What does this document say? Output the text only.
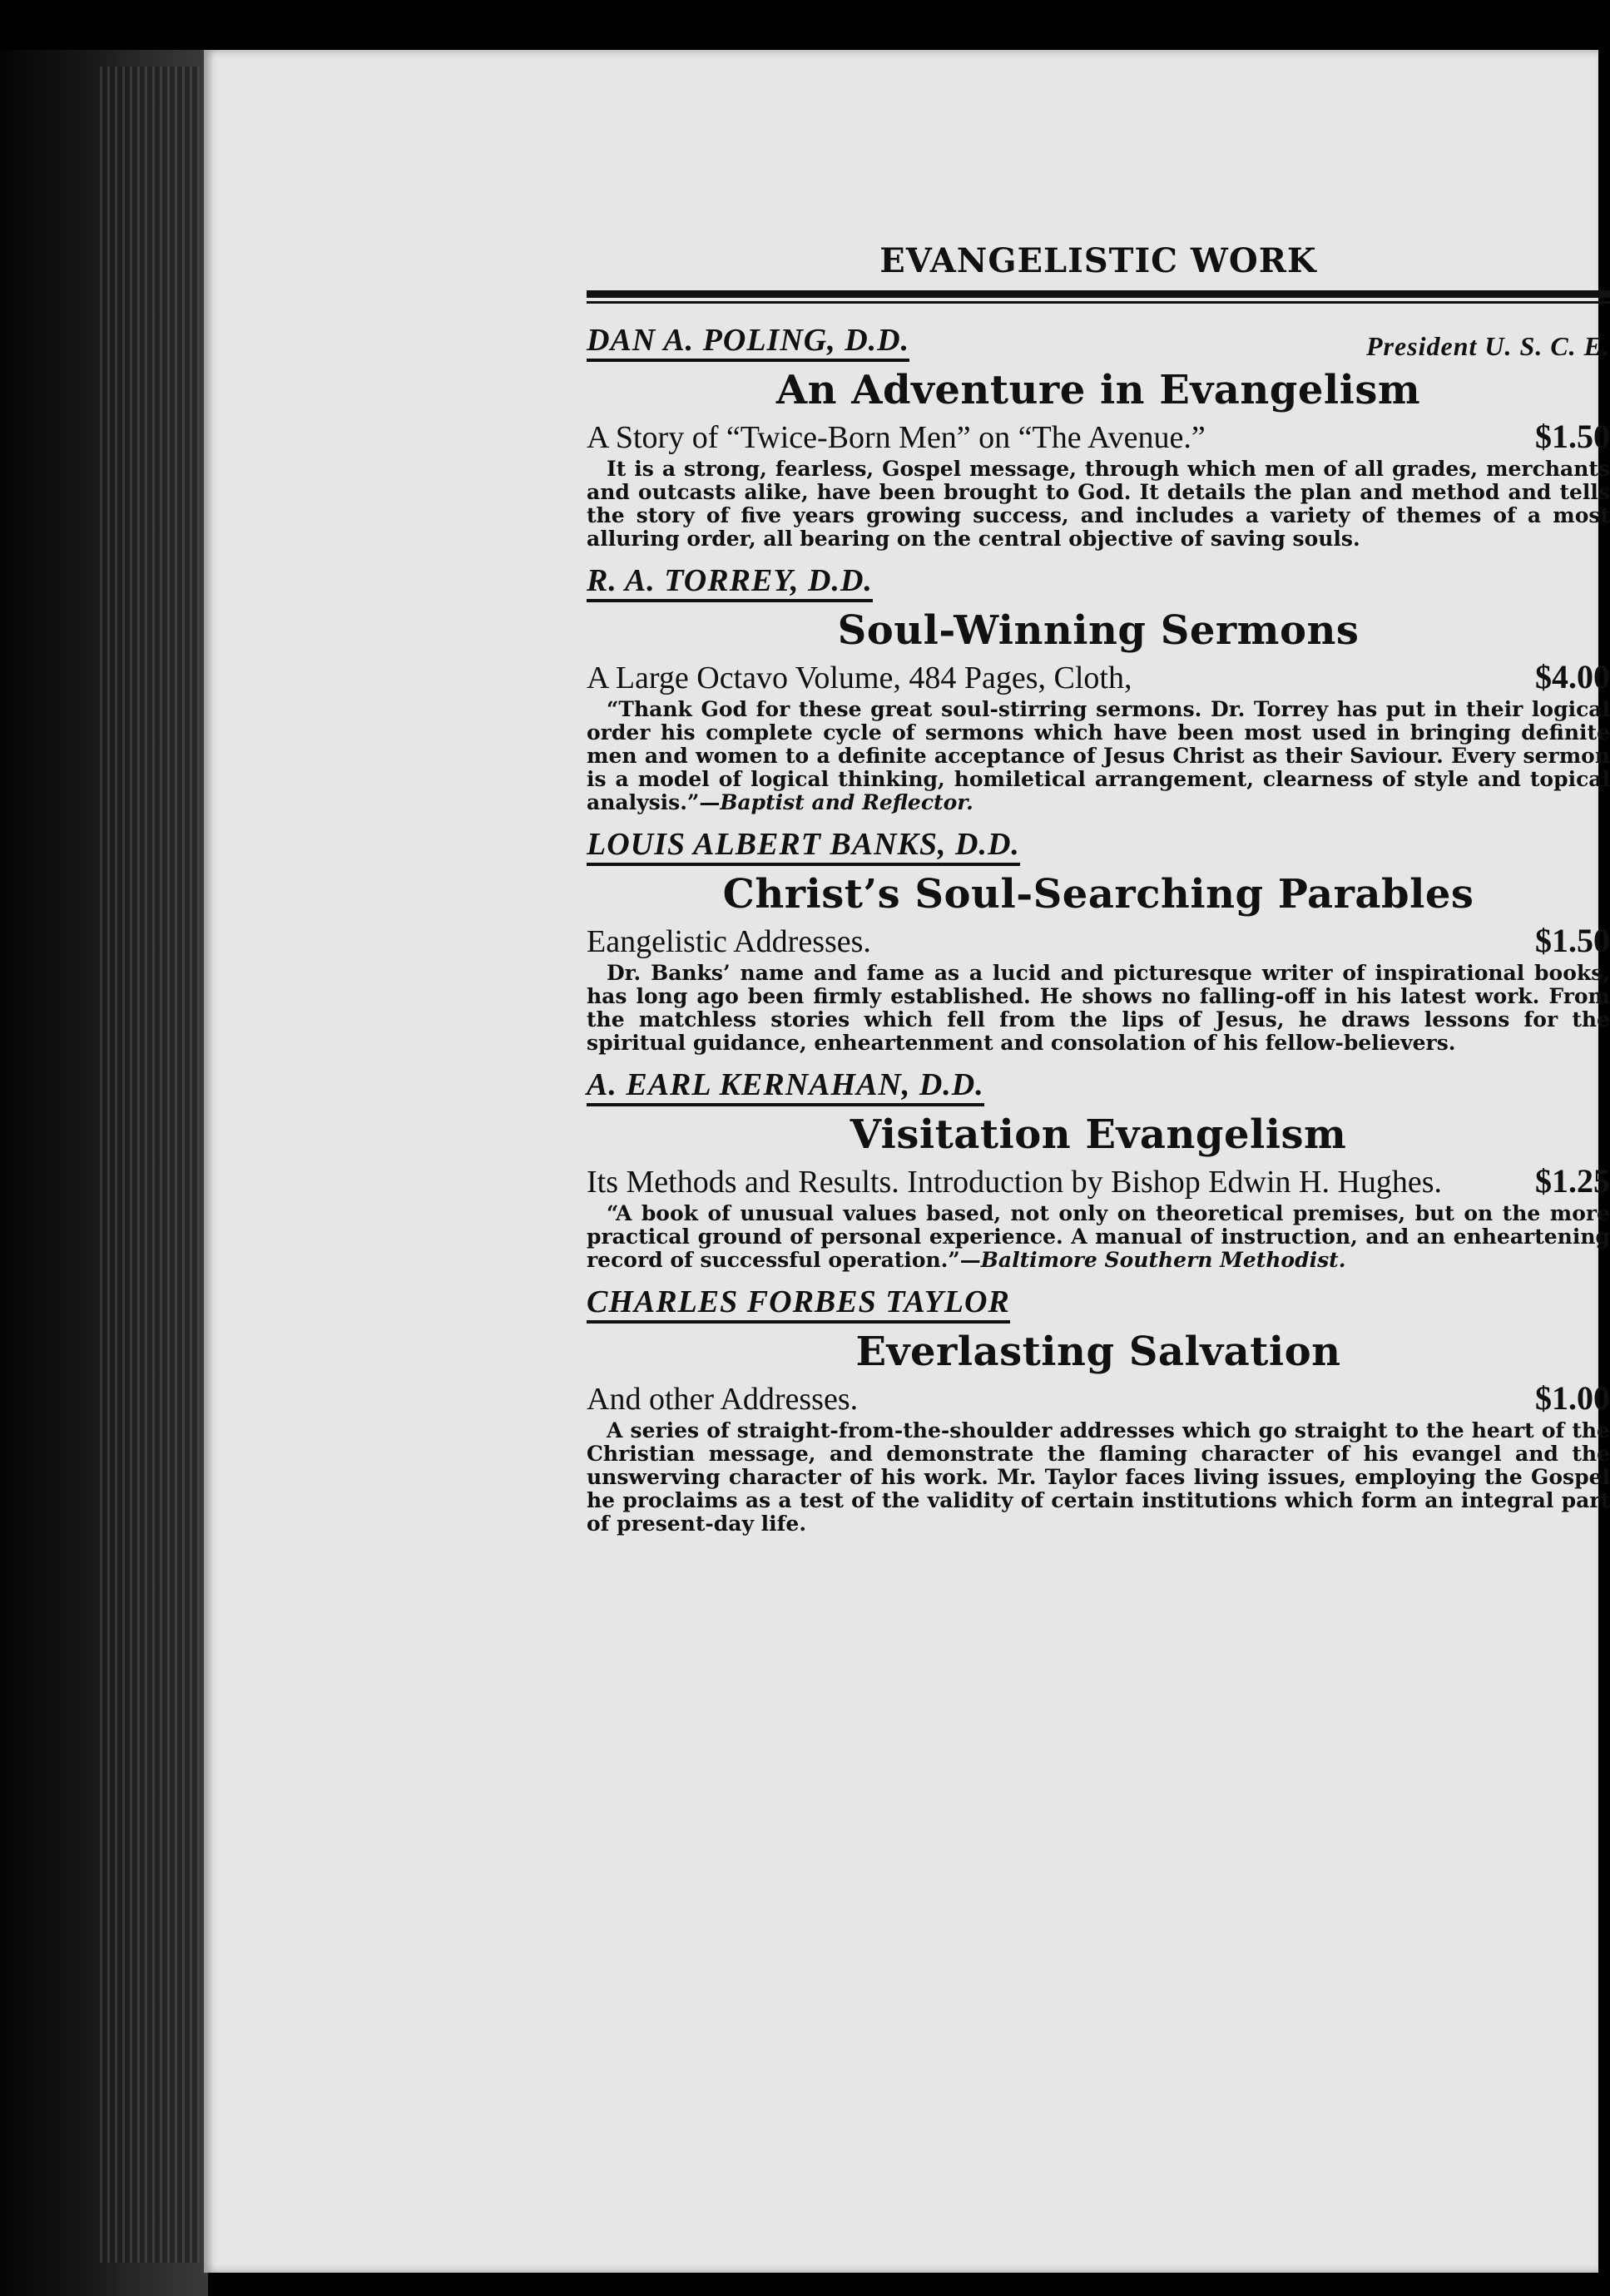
EVANGELISTIC WORK
DAN A. POLING, D.D.	President U. S. C. E.
An Adventure in Evangelism
A Story of “Twice-Born Men” on “The Avenue.”	$1.50
It is a strong, fearless, Gospel message, through which men of all grades, merchants and outcasts alike, have been brought to God. It details the plan and method and tells the story of five years growing success, and includes a variety of themes of a most alluring order, all bearing on the central objective of saving souls.
R. A. TORREY, D.D.
Soul-Winning Sermons
A Large Octavo Volume, 484 Pages, Cloth,	$4.00
“Thank God for these great soul-stirring sermons. Dr. Torrey has put in their logical order his complete cycle of sermons which have been most used in bringing definite men and women to a definite acceptance of Jesus Christ as their Saviour. Every sermon is a model of logical thinking, homiletical arrangement, clearness of style and topical analysis.”—Baptist and Reflector.
LOUIS ALBERT BANKS, D.D.
Christ’s Soul-Searching Parables
Eangelistic Addresses.	$1.50
Dr. Banks’ name and fame as a lucid and picturesque writer of inspirational books, has long ago been firmly established. He shows no falling-off in his latest work. From the matchless stories which fell from the lips of Jesus, he draws lessons for the spiritual guidance, enheartenment and consolation of his fellow-believers.
A. EARL KERNAHAN, D.D.
Visitation Evangelism
Its Methods and Results. Introduction by Bishop Edwin H. Hughes.	$1.25
“A book of unusual values based, not only on theoretical premises, but on the more practical ground of personal experience. A manual of instruction, and an enheartening record of successful operation.”—Baltimore Southern Methodist.
CHARLES FORBES TAYLOR
Everlasting Salvation
And other Addresses.	$1.00
A series of straight-from-the-shoulder addresses which go straight to the heart of the Christian message, and demonstrate the flaming character of his evangel and the unswerving character of his work. Mr. Taylor faces living issues, employing the Gospel he proclaims as a test of the validity of certain institutions which form an integral part of present-day life.
